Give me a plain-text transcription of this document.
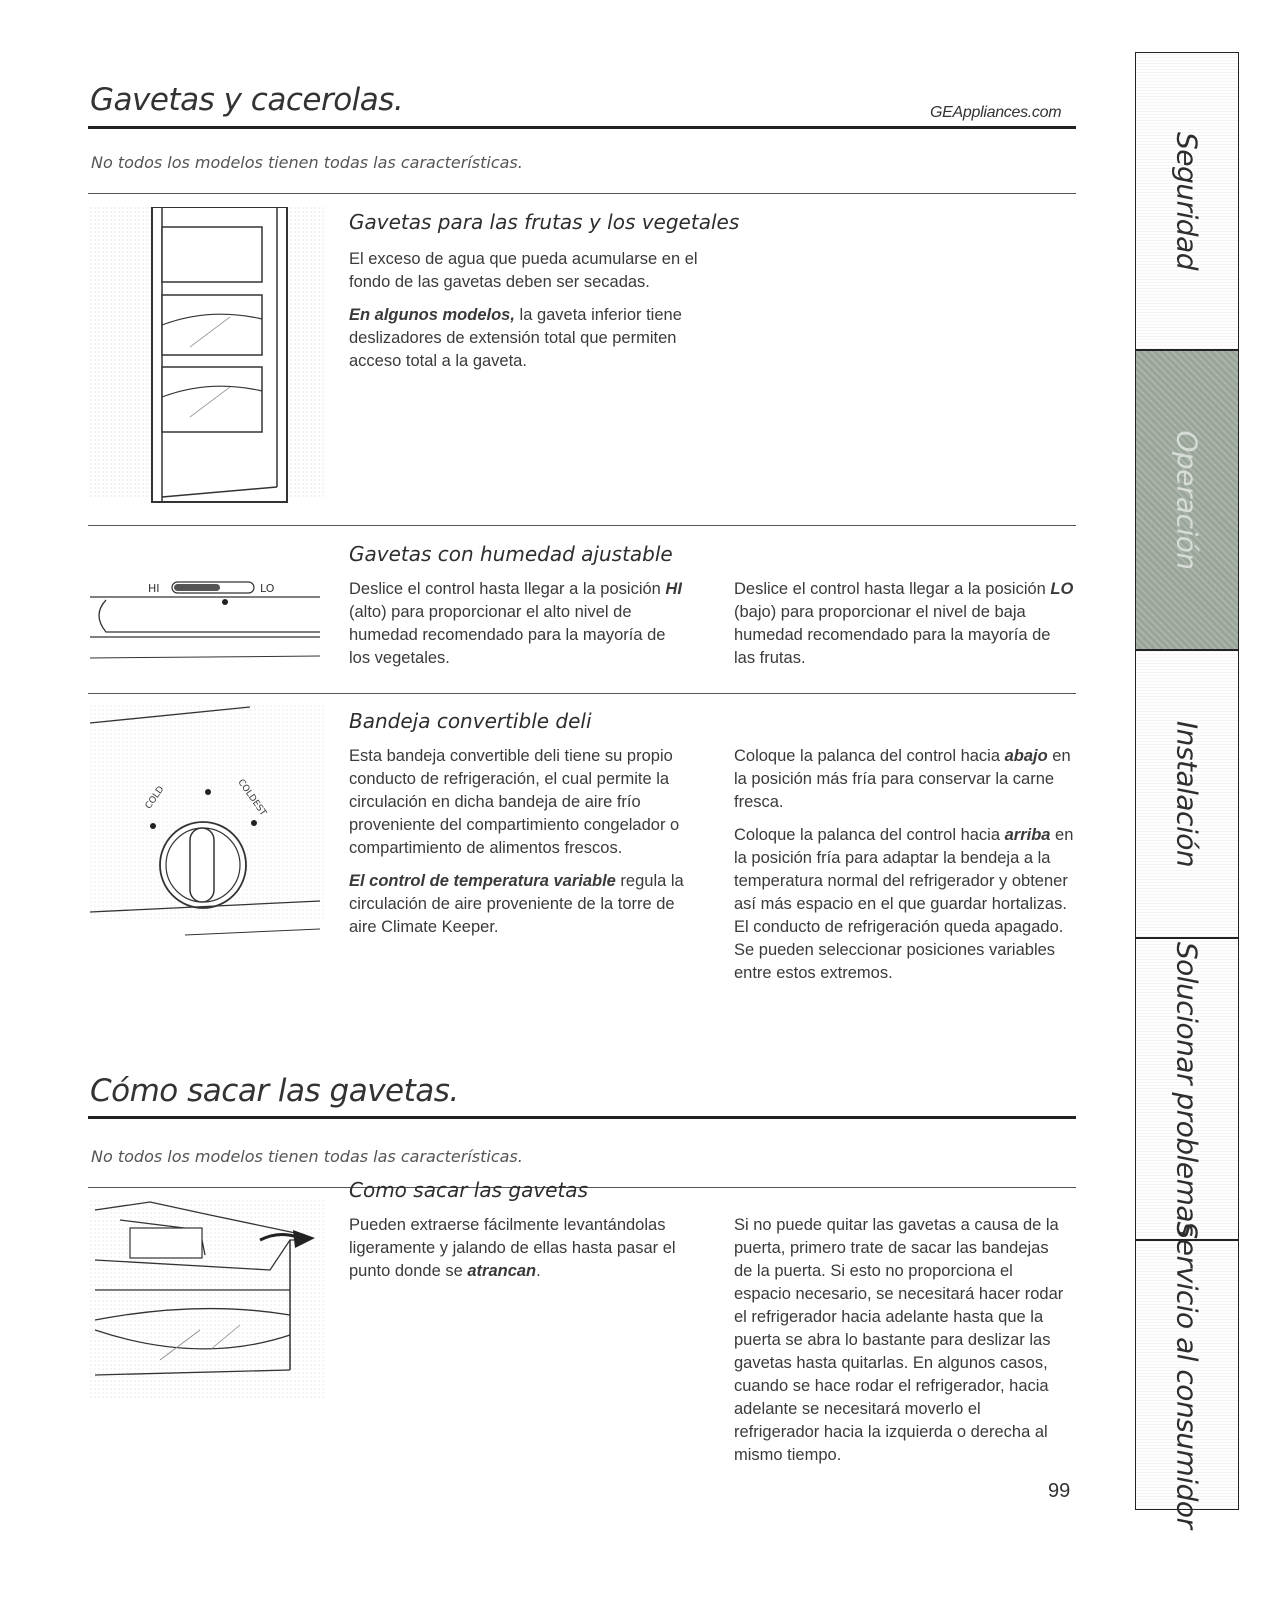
Gavetas y cacerolas.	GEAppliances.com
No todos los modelos tienen todas las características.
Gavetas para las frutas y los vegetales

El exceso de agua que pueda acumularse en el fondo de las gavetas deben ser secadas.

En algunos modelos, la gaveta inferior tiene deslizadores de extensión total que permiten acceso total a la gaveta.

HI	LO
Gavetas con humedad ajustable

Deslice el control hasta llegar a la posición HI (alto) para proporcionar el alto nivel de humedad recomendado para la mayoría de los vegetales.

Deslice el control hasta llegar a la posición LO (bajo) para proporcionar el nivel de baja humedad recomendado para la mayoría de las frutas.

COLD	COLDEST
Bandeja convertible deli

Esta bandeja convertible deli tiene su propio conducto de refrigeración, el cual permite la circulación en dicha bandeja de aire frío proveniente del compartimiento congelador o compartimiento de alimentos frescos.

El control de temperatura variable regula la circulación de aire proveniente de la torre de aire Climate Keeper.

Coloque la palanca del control hacia abajo en la posición más fría para conservar la carne fresca.

Coloque la palanca del control hacia arriba en la posición fría para adaptar la bendeja a la temperatura normal del refrigerador y obtener así más espacio en el que guardar hortalizas. El conducto de refrigeración queda apagado. Se pueden seleccionar posiciones variables entre estos extremos.

Cómo sacar las gavetas.
No todos los modelos tienen todas las características.
Como sacar las gavetas

Pueden extraerse fácilmente levantándolas ligeramente y jalando de ellas hasta pasar el punto donde se atrancan.

Si no puede quitar las gavetas a causa de la puerta, primero trate de sacar las bandejas de la puerta. Si esto no proporciona el espacio necesario, se necesitará hacer rodar el refrigerador hacia adelante hasta que la puerta se abra lo bastante para deslizar las gavetas hasta quitarlas. En algunos casos, cuando se hace rodar el refrigerador, hacia adelante se necesitará moverlo el refrigerador hacia la izquierda o derecha al mismo tiempo.

99
Seguridad
Operación
Instalación
Solucionar problemas
Servicio al consumidor
